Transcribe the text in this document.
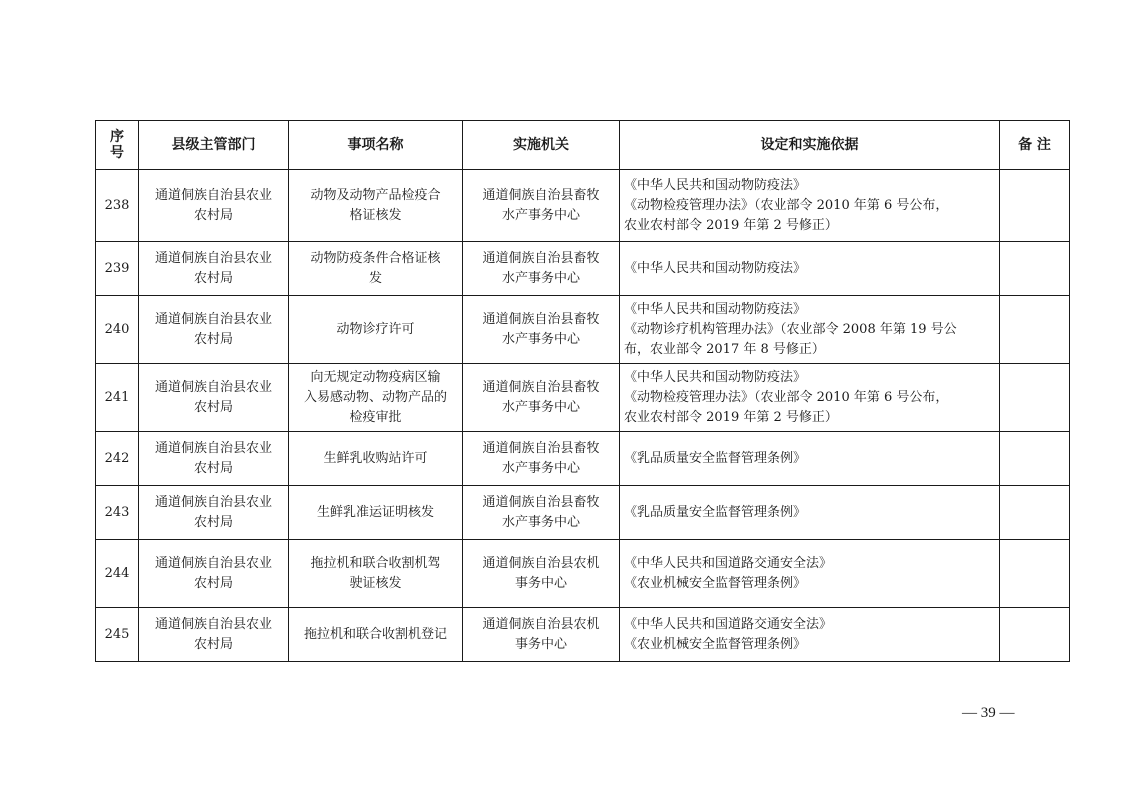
序号	县级主管部门	事项名称	实施机关	设定和实施依据	备 注
238	通道侗族自治县农业
农村局	动物及动物产品检疫合
格证核发	通道侗族自治县畜牧
水产事务中心	《中华人民共和国动物防疫法》
《动物检疫管理办法》（农业部令 2010 年第 6 号公布，
农业农村部令 2019 年第 2 号修正）	

239	通道侗族自治县农业
农村局	动物防疫条件合格证核
发	通道侗族自治县畜牧
水产事务中心	《中华人民共和国动物防疫法》	

240	通道侗族自治县农业
农村局	动物诊疗许可	通道侗族自治县畜牧
水产事务中心	《中华人民共和国动物防疫法》
《动物诊疗机构管理办法》（农业部令 2008 年第 19 号公
布，农业部令 2017 年 8 号修正）	

241	通道侗族自治县农业
农村局	向无规定动物疫病区输
入易感动物、动物产品的
检疫审批	通道侗族自治县畜牧
水产事务中心	《中华人民共和国动物防疫法》
《动物检疫管理办法》（农业部令 2010 年第 6 号公布，
农业农村部令 2019 年第 2 号修正）	

242	通道侗族自治县农业
农村局	生鲜乳收购站许可	通道侗族自治县畜牧
水产事务中心	《乳品质量安全监督管理条例》	

243	通道侗族自治县农业
农村局	生鲜乳准运证明核发	通道侗族自治县畜牧
水产事务中心	《乳品质量安全监督管理条例》	

244	通道侗族自治县农业
农村局	拖拉机和联合收割机驾
驶证核发	通道侗族自治县农机
事务中心	《中华人民共和国道路交通安全法》
《农业机械安全监督管理条例》	

245	通道侗族自治县农业
农村局	拖拉机和联合收割机登记	通道侗族自治县农机
事务中心	《中华人民共和国道路交通安全法》
《农业机械安全监督管理条例》	

— 39 —
